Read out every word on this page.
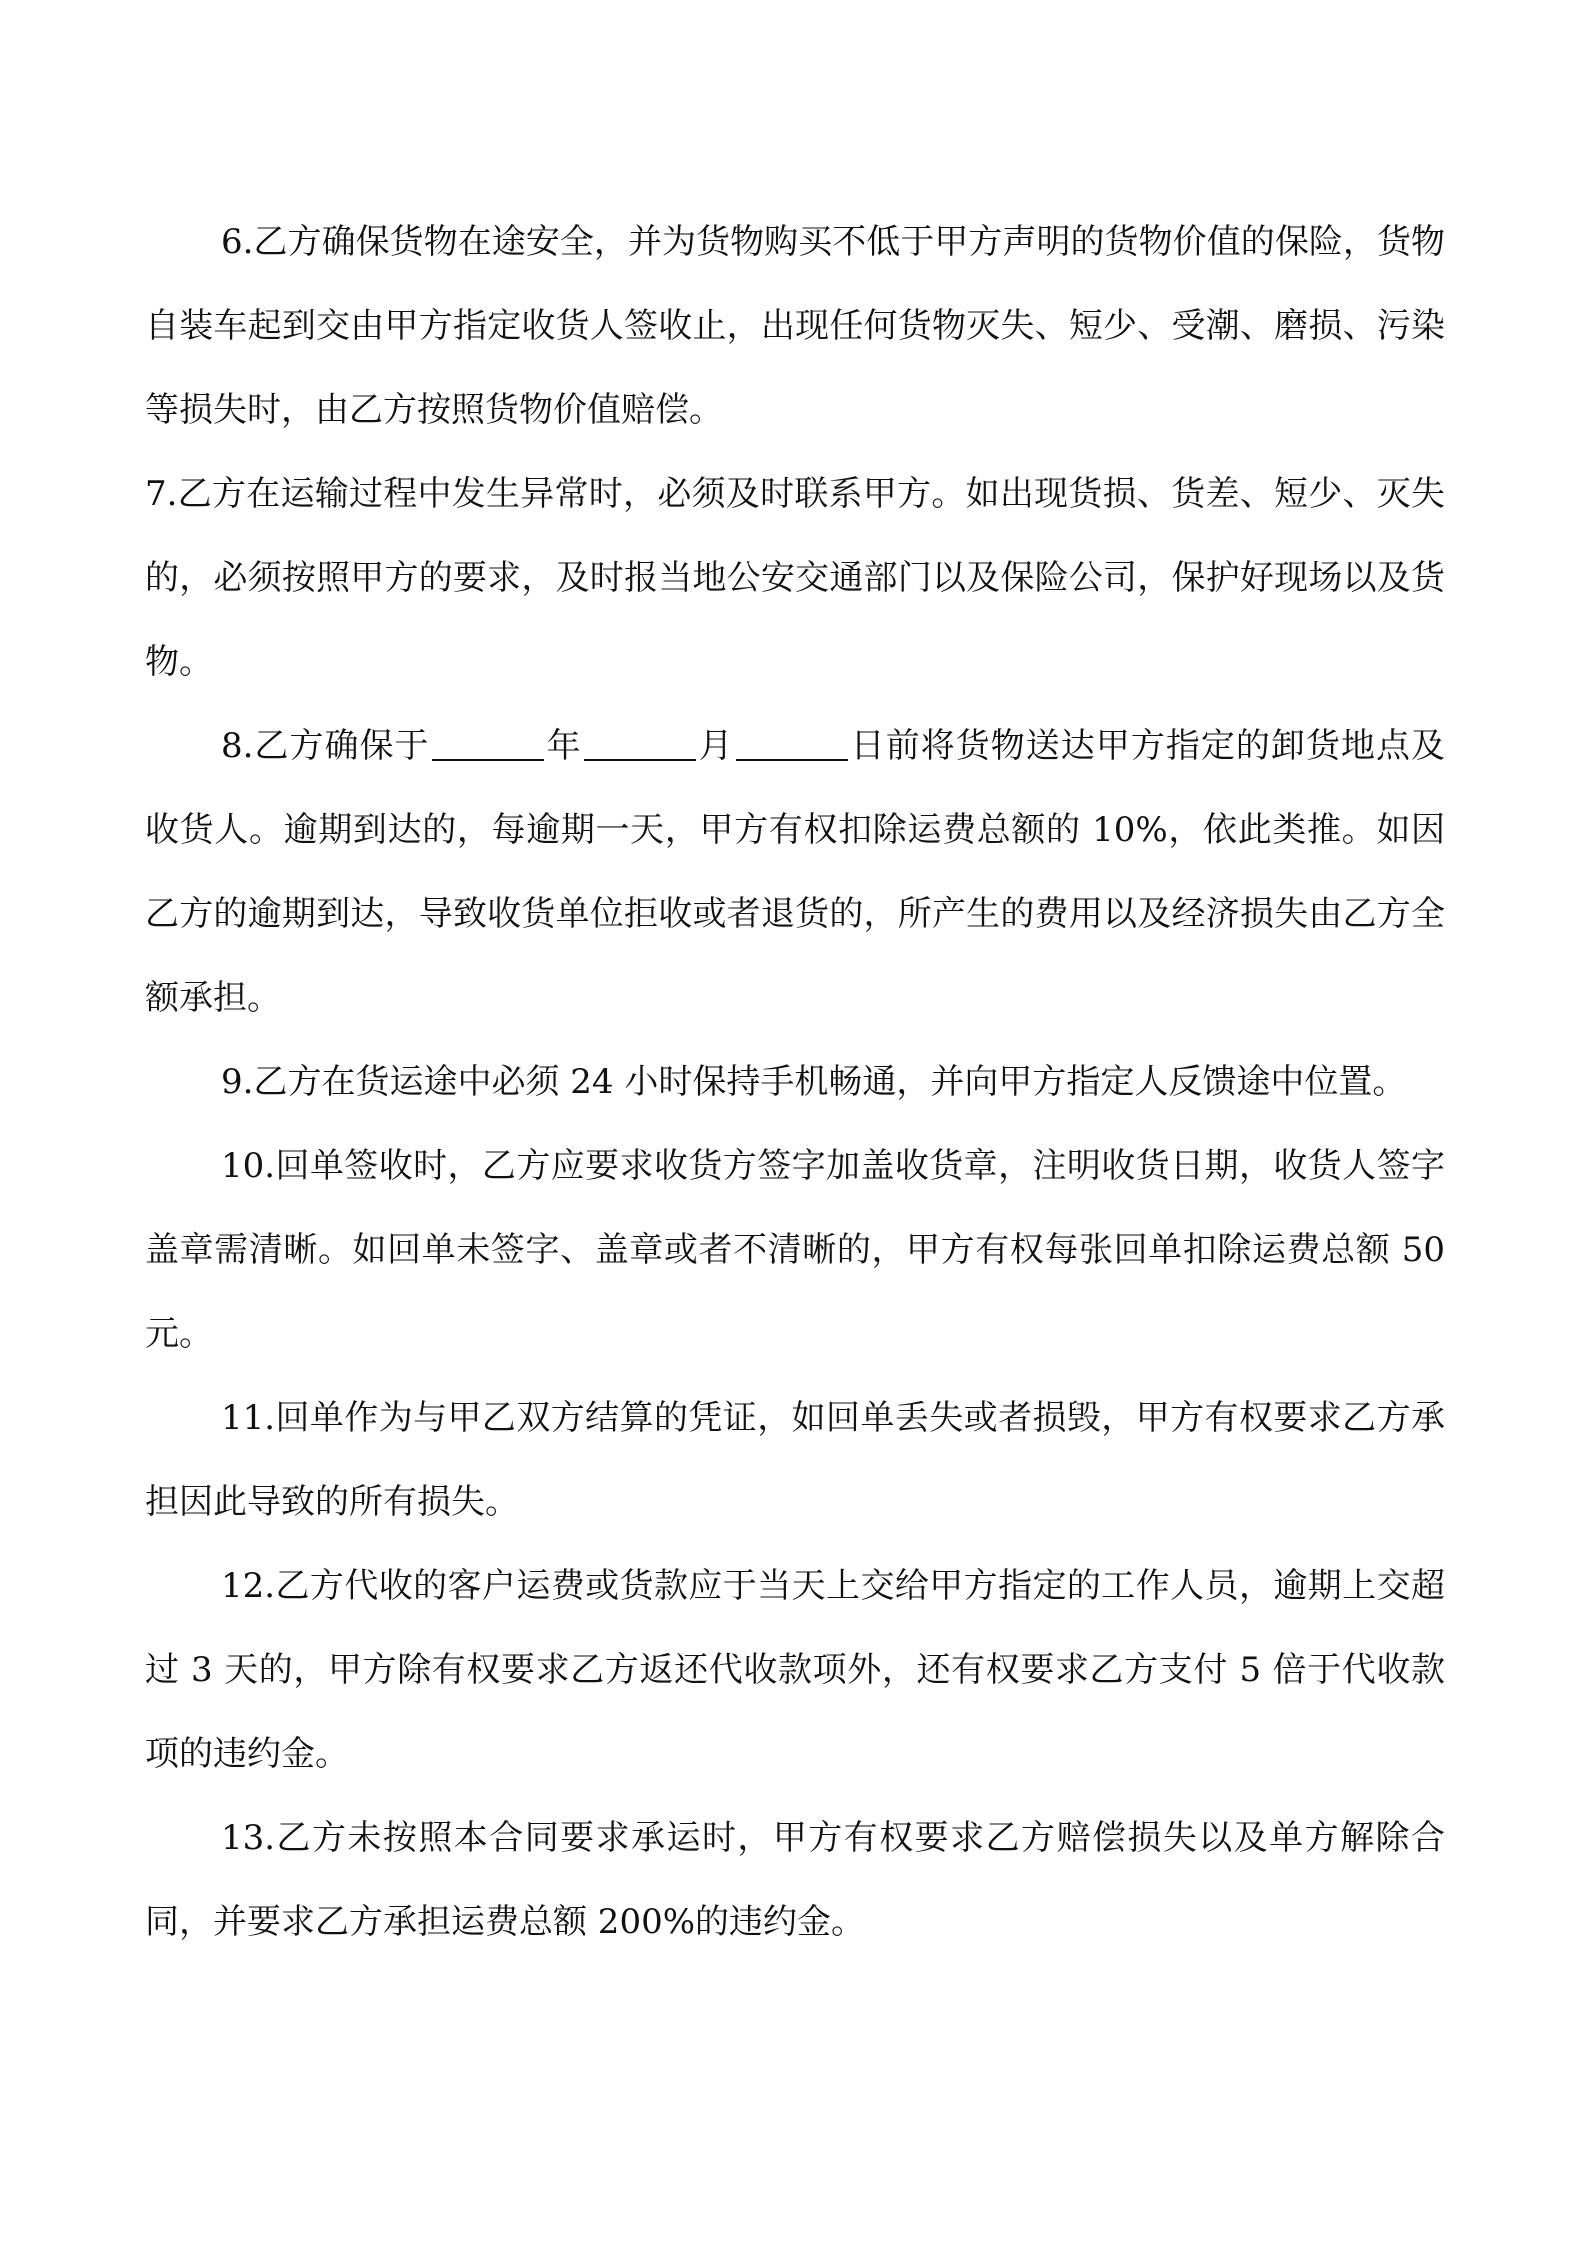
6.乙方确保货物在途安全，并为货物购买不低于甲方声明的货物价值的保险，货物自装车起到交由甲方指定收货人签收止，出现任何货物灭失、短少、受潮、磨损、污染等损失时，由乙方按照货物价值赔偿。

7.乙方在运输过程中发生异常时，必须及时联系甲方。如出现货损、货差、短少、灭失的，必须按照甲方的要求，及时报当地公安交通部门以及保险公司，保护好现场以及货物。

8.乙方确保于	年	月	日前将货物送达甲方指定的卸货地点及收货人。逾期到达的，每逾期一天，甲方有权扣除运费总额的 10%，依此类推。如因乙方的逾期到达，导致收货单位拒收或者退货的，所产生的费用以及经济损失由乙方全额承担。

9.乙方在货运途中必须 24 小时保持手机畅通，并向甲方指定人反馈途中位置。

10.回单签收时，乙方应要求收货方签字加盖收货章，注明收货日期，收货人签字盖章需清晰。如回单未签字、盖章或者不清晰的，甲方有权每张回单扣除运费总额 50 元。

11.回单作为与甲乙双方结算的凭证，如回单丢失或者损毁，甲方有权要求乙方承担因此导致的所有损失。

12.乙方代收的客户运费或货款应于当天上交给甲方指定的工作人员，逾期上交超过 3 天的，甲方除有权要求乙方返还代收款项外，还有权要求乙方支付 5 倍于代收款项的违约金。

13.乙方未按照本合同要求承运时，甲方有权要求乙方赔偿损失以及单方解除合同，并要求乙方承担运费总额 200%的违约金。
